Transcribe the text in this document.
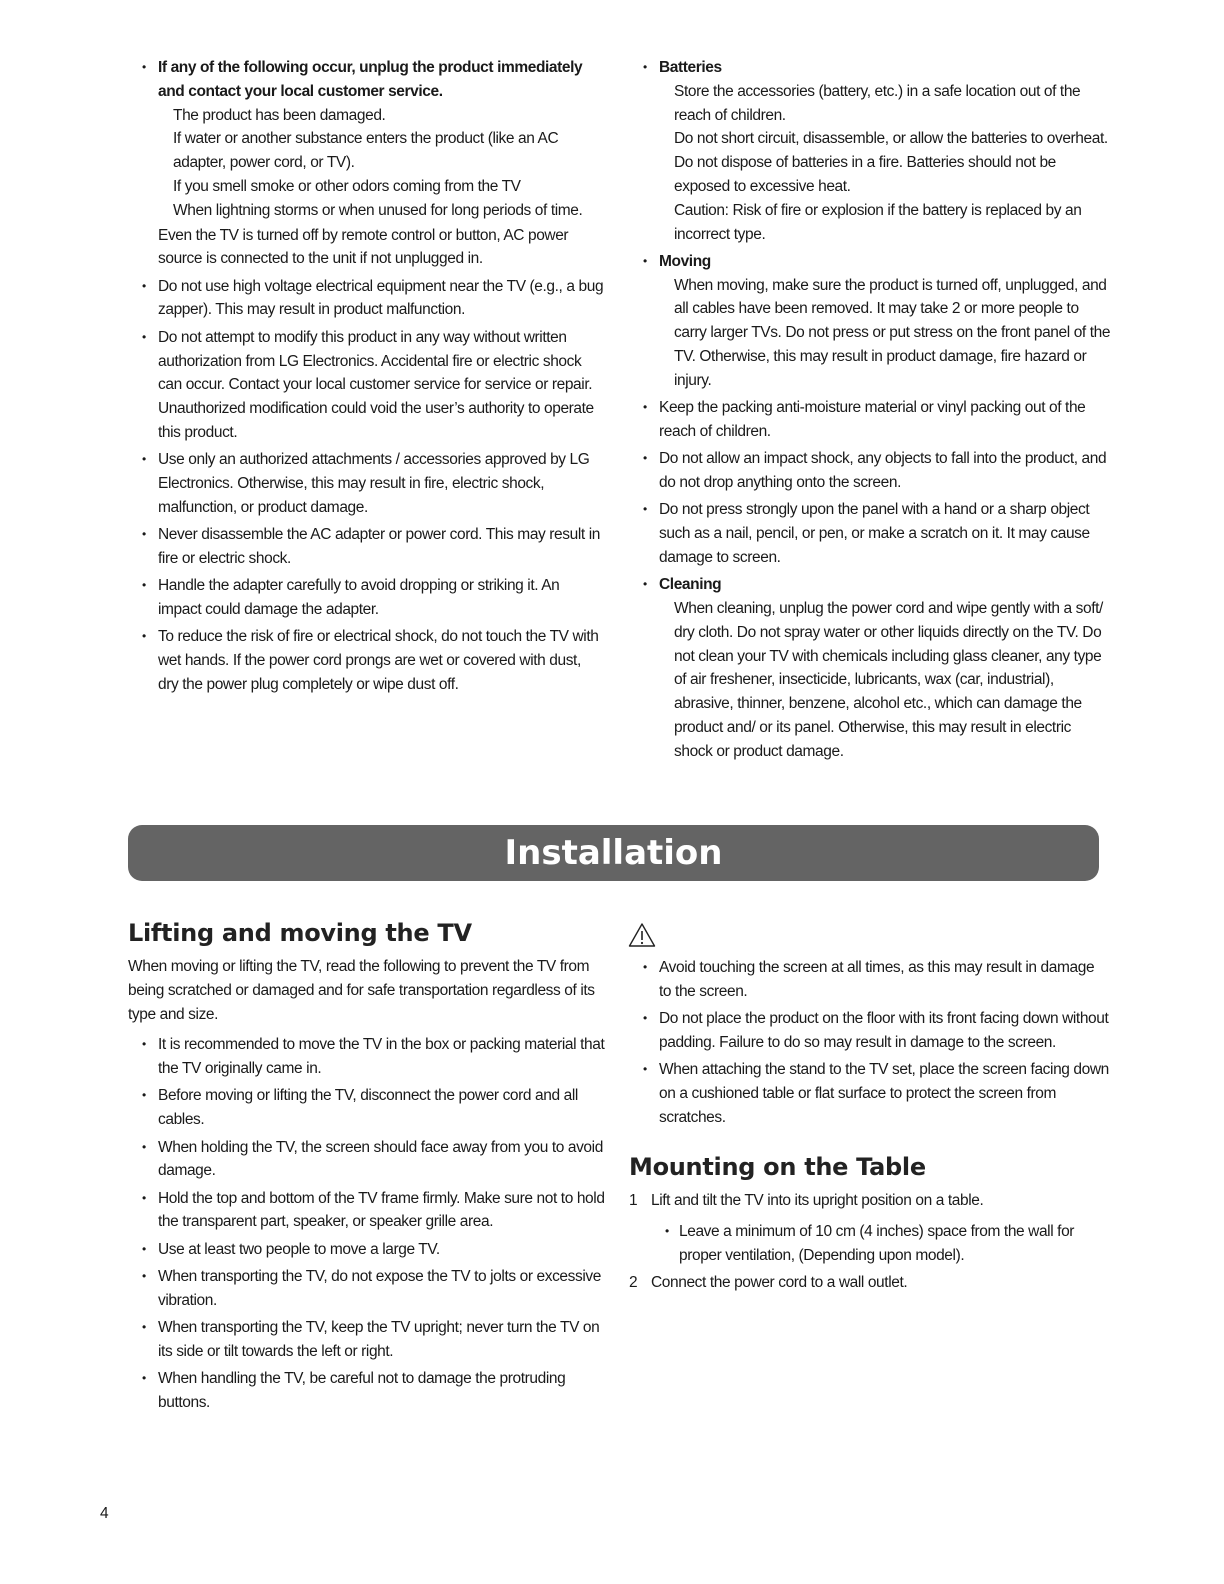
• If any of the following occur, unplug the product immediately and contact your local customer service.
The product has been damaged.
If water or another substance enters the product (like an AC adapter, power cord, or TV).
If you smell smoke or other odors coming from the TV
When lightning storms or when unused for long periods of time.
Even the TV is turned off by remote control or button, AC power source is connected to the unit if not unplugged in.
• Do not use high voltage electrical equipment near the TV (e.g., a bug zapper). This may result in product malfunction.
• Do not attempt to modify this product in any way without written authorization from LG Electronics. Accidental fire or electric shock can occur. Contact your local customer service for service or repair. Unauthorized modification could void the user’s authority to operate this product.
• Use only an authorized attachments / accessories approved by LG Electronics. Otherwise, this may result in fire, electric shock, malfunction, or product damage.
• Never disassemble the AC adapter or power cord. This may result in fire or electric shock.
• Handle the adapter carefully to avoid dropping or striking it. An impact could damage the adapter.
• To reduce the risk of fire or electrical shock, do not touch the TV with wet hands. If the power cord prongs are wet or covered with dust, dry the power plug completely or wipe dust off.
• Batteries
Store the accessories (battery, etc.) in a safe location out of the reach of children.
Do not short circuit, disassemble, or allow the batteries to overheat. Do not dispose of batteries in a fire. Batteries should not be exposed to excessive heat.
Caution: Risk of fire or explosion if the battery is replaced by an incorrect type.
• Moving
When moving, make sure the product is turned off, unplugged, and all cables have been removed. It may take 2 or more people to carry larger TVs. Do not press or put stress on the front panel of the TV. Otherwise, this may result in product damage, fire hazard or injury.
• Keep the packing anti-moisture material or vinyl packing out of the reach of children.
• Do not allow an impact shock, any objects to fall into the product, and do not drop anything onto the screen.
• Do not press strongly upon the panel with a hand or a sharp object such as a nail, pencil, or pen, or make a scratch on it. It may cause damage to screen.
• Cleaning
When cleaning, unplug the power cord and wipe gently with a soft/ dry cloth. Do not spray water or other liquids directly on the TV. Do not clean your TV with chemicals including glass cleaner, any type of air freshener, insecticide, lubricants, wax (car, industrial), abrasive, thinner, benzene, alcohol etc., which can damage the product and/ or its panel. Otherwise, this may result in electric shock or product damage.
Installation
Lifting and moving the TV
When moving or lifting the TV, read the following to prevent the TV from being scratched or damaged and for safe transportation regardless of its type and size.
• It is recommended to move the TV in the box or packing material that the TV originally came in.
• Before moving or lifting the TV, disconnect the power cord and all cables.
• When holding the TV, the screen should face away from you to avoid damage.
• Hold the top and bottom of the TV frame firmly. Make sure not to hold the transparent part, speaker, or speaker grille area.
• Use at least two people to move a large TV.
• When transporting the TV, do not expose the TV to jolts or excessive vibration.
• When transporting the TV, keep the TV upright; never turn the TV on its side or tilt towards the left or right.
• When handling the TV, be careful not to damage the protruding buttons.
• Avoid touching the screen at all times, as this may result in damage to the screen.
• Do not place the product on the floor with its front facing down without padding. Failure to do so may result in damage to the screen.
• When attaching the stand to the TV set, place the screen facing down on a cushioned table or flat surface to protect the screen from scratches.
Mounting on the Table
1 Lift and tilt the TV into its upright position on a table.
• Leave a minimum of 10 cm (4 inches) space from the wall for proper ventilation, (Depending upon model).
2 Connect the power cord to a wall outlet.
4
